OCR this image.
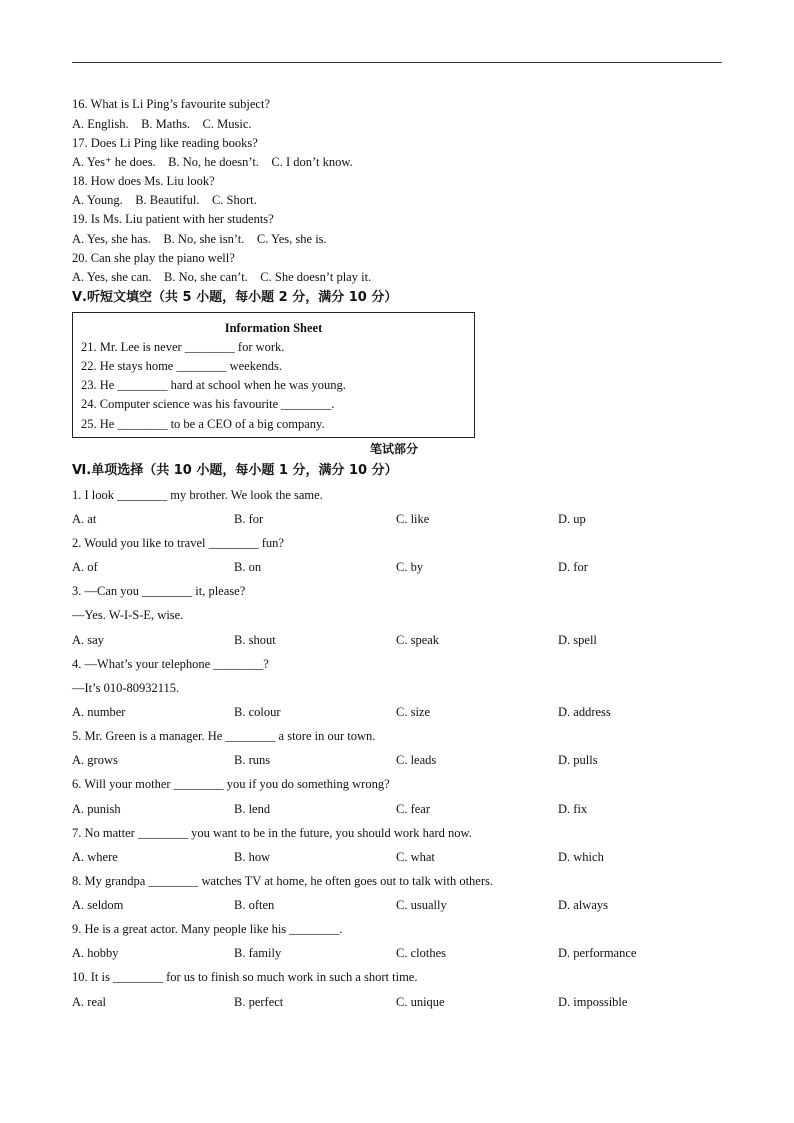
16. What is Li Ping’s favourite subject?
A. English.    B. Maths.    C. Music.
17. Does Li Ping like reading books?
A. Yes⁺ he does.    B. No, he doesn’t.    C. I don’t know.
18. How does Ms. Liu look?
A. Young.    B. Beautiful.    C. Short.
19. Is Ms. Liu patient with her students?
A. Yes, she has.    B. No, she isn’t.    C. Yes, she is.
20. Can she play the piano well?
A. Yes, she can.    B. No, she can’t.    C. She doesn’t play it.
Ⅴ.听短文填空（共 5 小题，每小题 2 分，满分 10 分）
Information Sheet
21. Mr. Lee is never ________ for work.
22. He stays home ________ weekends.
23. He ________ hard at school when he was young.
24. Computer science was his favourite ________.
25. He ________ to be a CEO of a big company.
笔试部分
Ⅵ.单项选择（共 10 小题，每小题 1 分，满分 10 分）
1. I look ________ my brother. We look the same.
A. at	B. for	C. like	D. up
2. Would you like to travel ________ fun?
A. of	B. on	C. by	D. for
3. —Can you ________ it, please?
—Yes. W-I-S-E, wise.
A. say	B. shout	C. speak	D. spell
4. —What’s your telephone ________?
—It’s 010-80932115.
A. number	B. colour	C. size	D. address
5. Mr. Green is a manager. He ________ a store in our town.
A. grows	B. runs	C. leads	D. pulls
6. Will your mother ________ you if you do something wrong?
A. punish	B. lend	C. fear	D. fix
7. No matter ________ you want to be in the future, you should work hard now.
A. where	B. how	C. what	D. which
8. My grandpa ________ watches TV at home, he often goes out to talk with others.
A. seldom	B. often	C. usually	D. always
9. He is a great actor. Many people like his ________.
A. hobby	B. family	C. clothes	D. performance
10. It is ________ for us to finish so much work in such a short time.
A. real	B. perfect	C. unique	D. impossible
